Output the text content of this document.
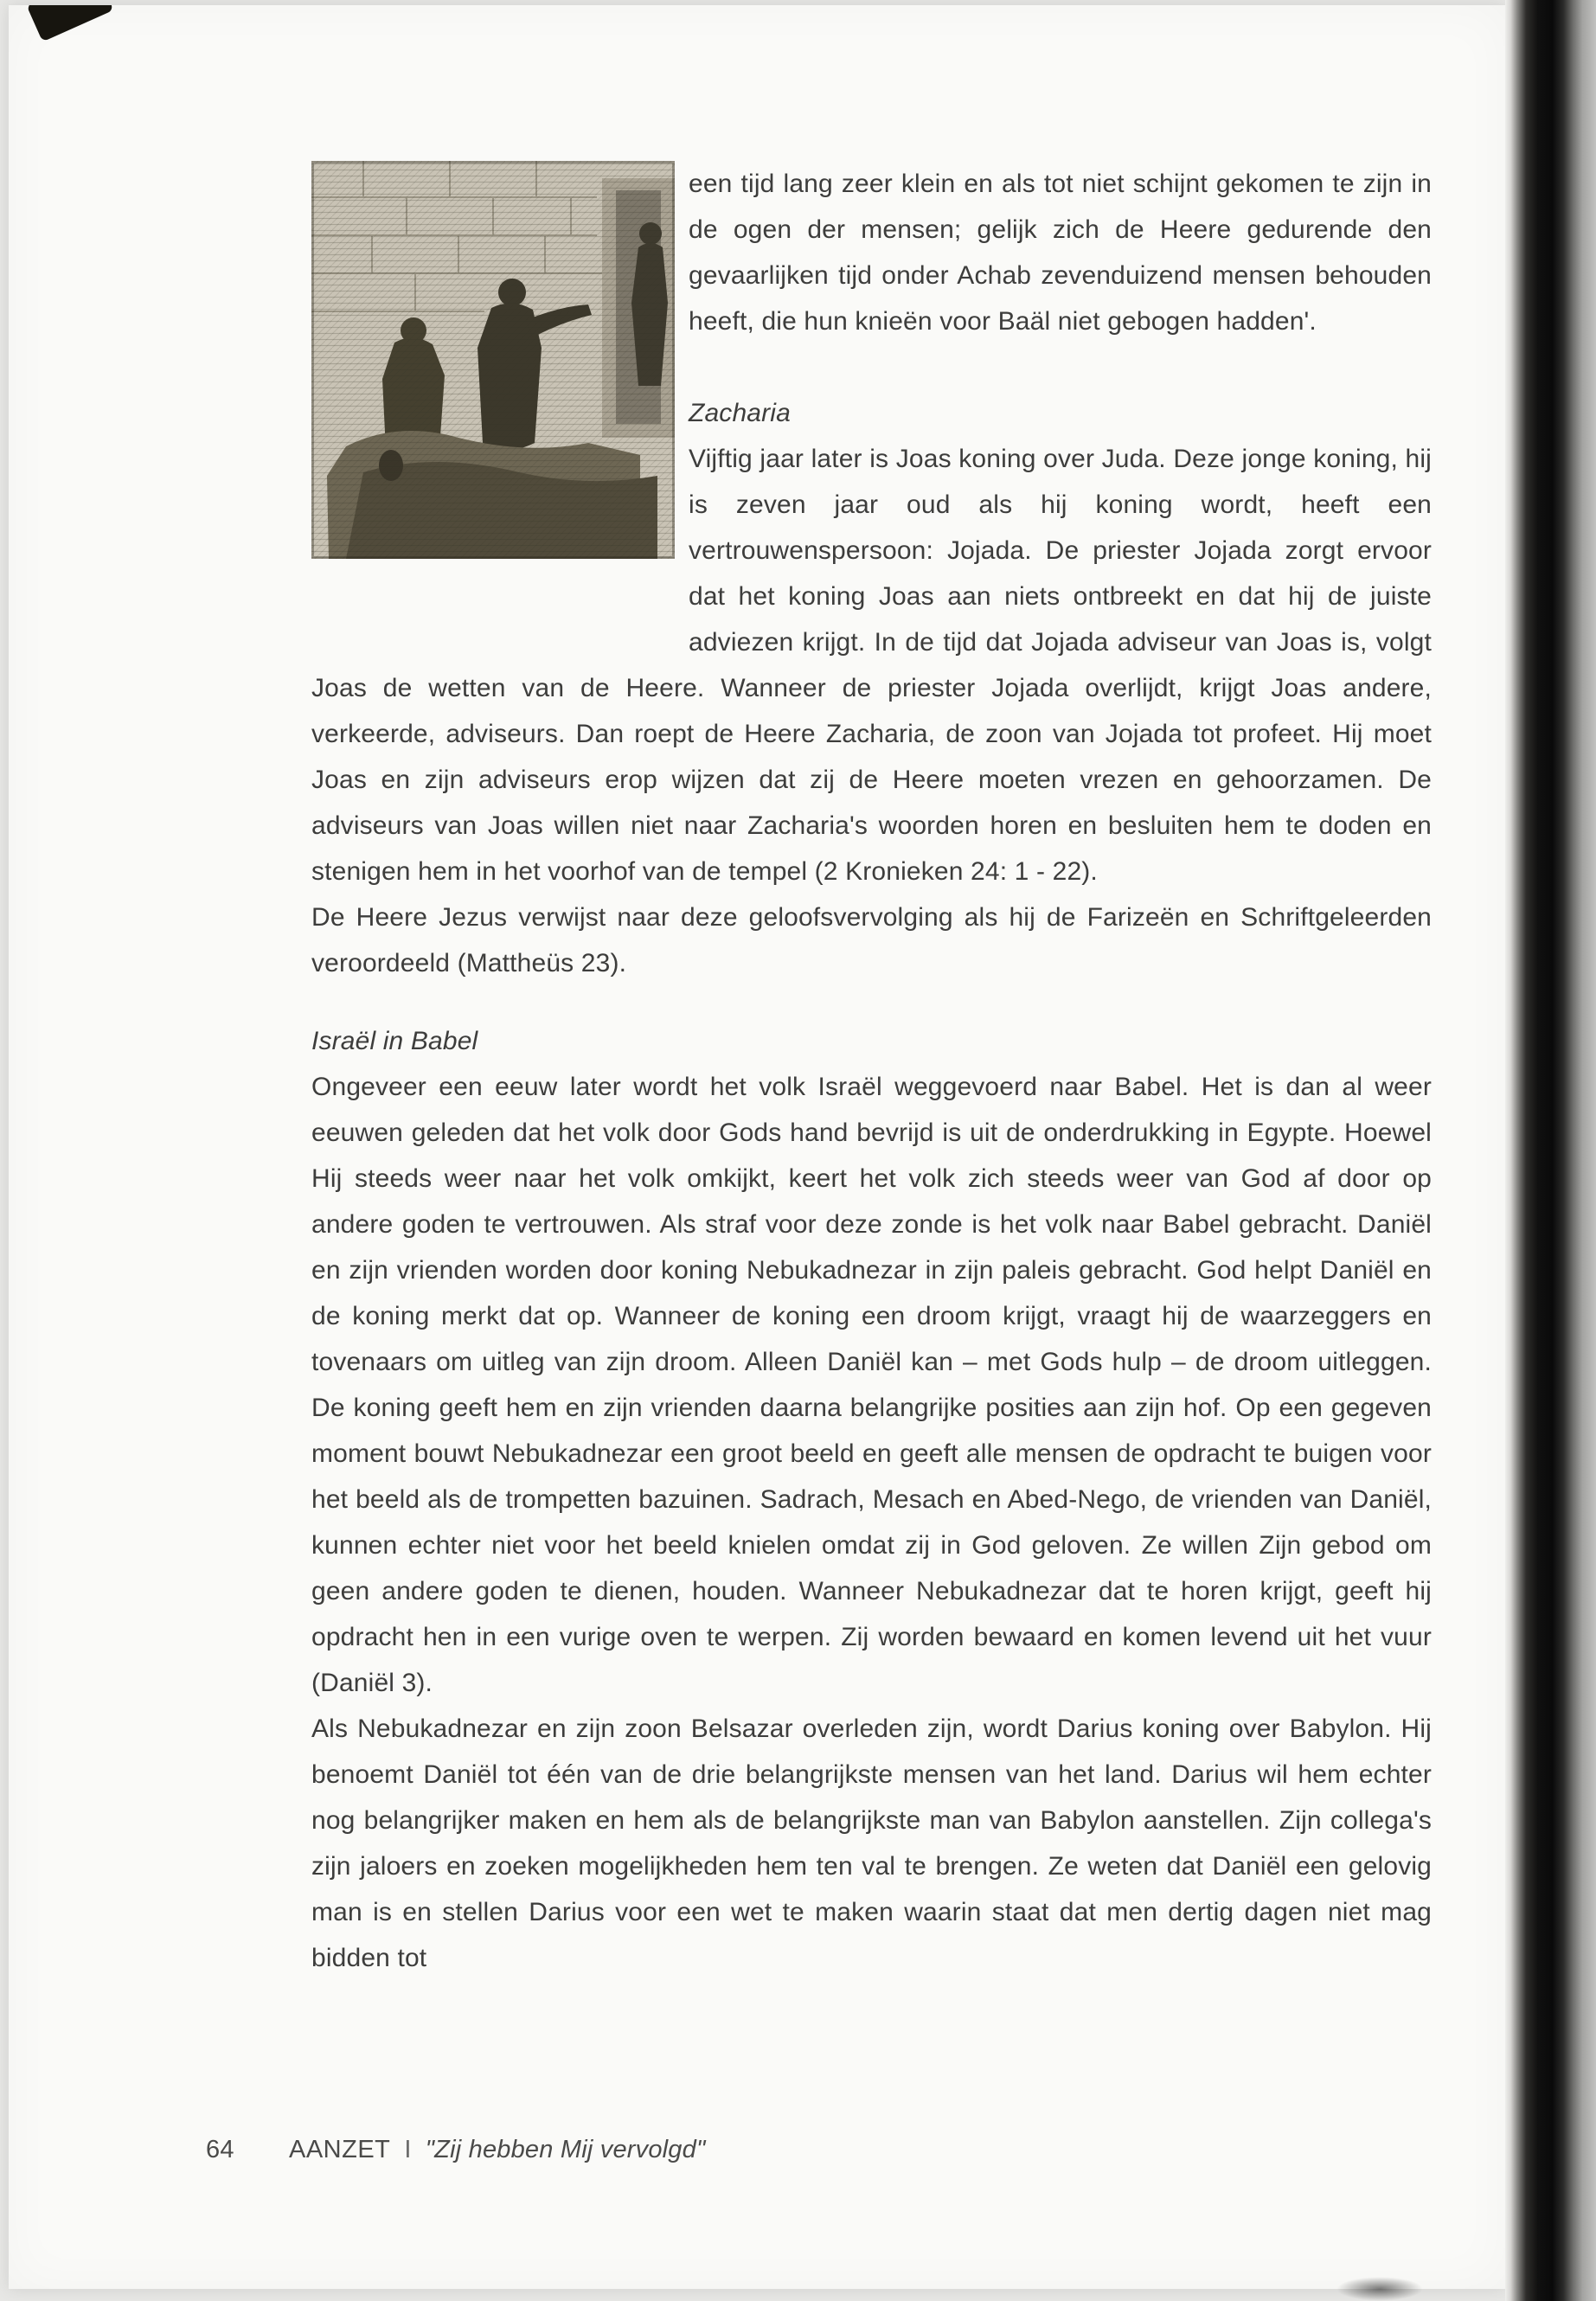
een tijd lang zeer klein en als tot niet schijnt gekomen te zijn in de ogen der mensen; gelijk zich de Heere gedurende den gevaarlijken tijd onder Achab zevenduizend mensen behouden heeft, die hun knieën voor Baäl niet gebogen hadden'.

Zacharia

Vijftig jaar later is Joas koning over Juda. Deze jonge koning, hij is zeven jaar oud als hij koning wordt, heeft een vertrouwenspersoon: Jojada. De priester Jojada zorgt ervoor dat het koning Joas aan niets ontbreekt en dat hij de juiste adviezen krijgt. In de tijd dat Jojada adviseur van Joas is, volgt Joas de wetten van de Heere. Wanneer de priester Jojada overlijdt, krijgt Joas andere, verkeerde, adviseurs. Dan roept de Heere Zacharia, de zoon van Jojada tot profeet. Hij moet Joas en zijn adviseurs erop wijzen dat zij de Heere moeten vrezen en gehoorzamen. De adviseurs van Joas willen niet naar Zacharia's woorden horen en besluiten hem te doden en stenigen hem in het voorhof van de tempel (2 Kronieken 24: 1 - 22).

De Heere Jezus verwijst naar deze geloofsvervolging als hij de Farizeën en Schriftgeleerden veroordeeld (Mattheüs 23).

Israël in Babel

Ongeveer een eeuw later wordt het volk Israël weggevoerd naar Babel. Het is dan al weer eeuwen geleden dat het volk door Gods hand bevrijd is uit de onderdrukking in Egypte. Hoewel Hij steeds weer naar het volk omkijkt, keert het volk zich steeds weer van God af door op andere goden te vertrouwen. Als straf voor deze zonde is het volk naar Babel gebracht. Daniël en zijn vrienden worden door koning Nebukadnezar in zijn paleis gebracht. God helpt Daniël en de koning merkt dat op. Wanneer de koning een droom krijgt, vraagt hij de waarzeggers en tovenaars om uitleg van zijn droom. Alleen Daniël kan – met Gods hulp – de droom uitleggen. De koning geeft hem en zijn vrienden daarna belangrijke posities aan zijn hof. Op een gegeven moment bouwt Nebukadnezar een groot beeld en geeft alle mensen de opdracht te buigen voor het beeld als de trompetten bazuinen. Sadrach, Mesach en Abed-Nego, de vrienden van Daniël, kunnen echter niet voor het beeld knielen omdat zij in God geloven. Ze willen Zijn gebod om geen andere goden te dienen, houden. Wanneer Nebukadnezar dat te horen krijgt, geeft hij opdracht hen in een vurige oven te werpen. Zij worden bewaard en komen levend uit het vuur (Daniël 3).

Als Nebukadnezar en zijn zoon Belsazar overleden zijn, wordt Darius koning over Babylon. Hij benoemt Daniël tot één van de drie belangrijkste mensen van het land. Darius wil hem echter nog belangrijker maken en hem als de belangrijkste man van Babylon aanstellen. Zijn collega's zijn jaloers en zoeken mogelijkheden hem ten val te brengen. Ze weten dat Daniël een gelovig man is en stellen Darius voor een wet te maken waarin staat dat men dertig dagen niet mag bidden tot

64	AANZET I "Zij hebben Mij vervolgd"
